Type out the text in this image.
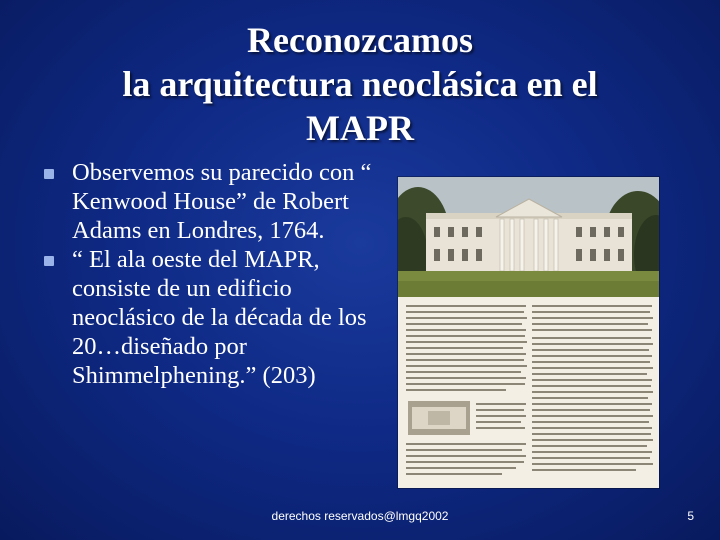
Reconozcamos
la arquitectura neoclásica en el
MAPR
Observemos su parecido con “ Kenwood House” de Robert Adams en Londres, 1764.
“ El ala oeste del MAPR, consiste de un edificio neoclásico de la década de los 20…diseñado por Shimmelphening.” (203)
derechos reservados@lmgq2002	5
